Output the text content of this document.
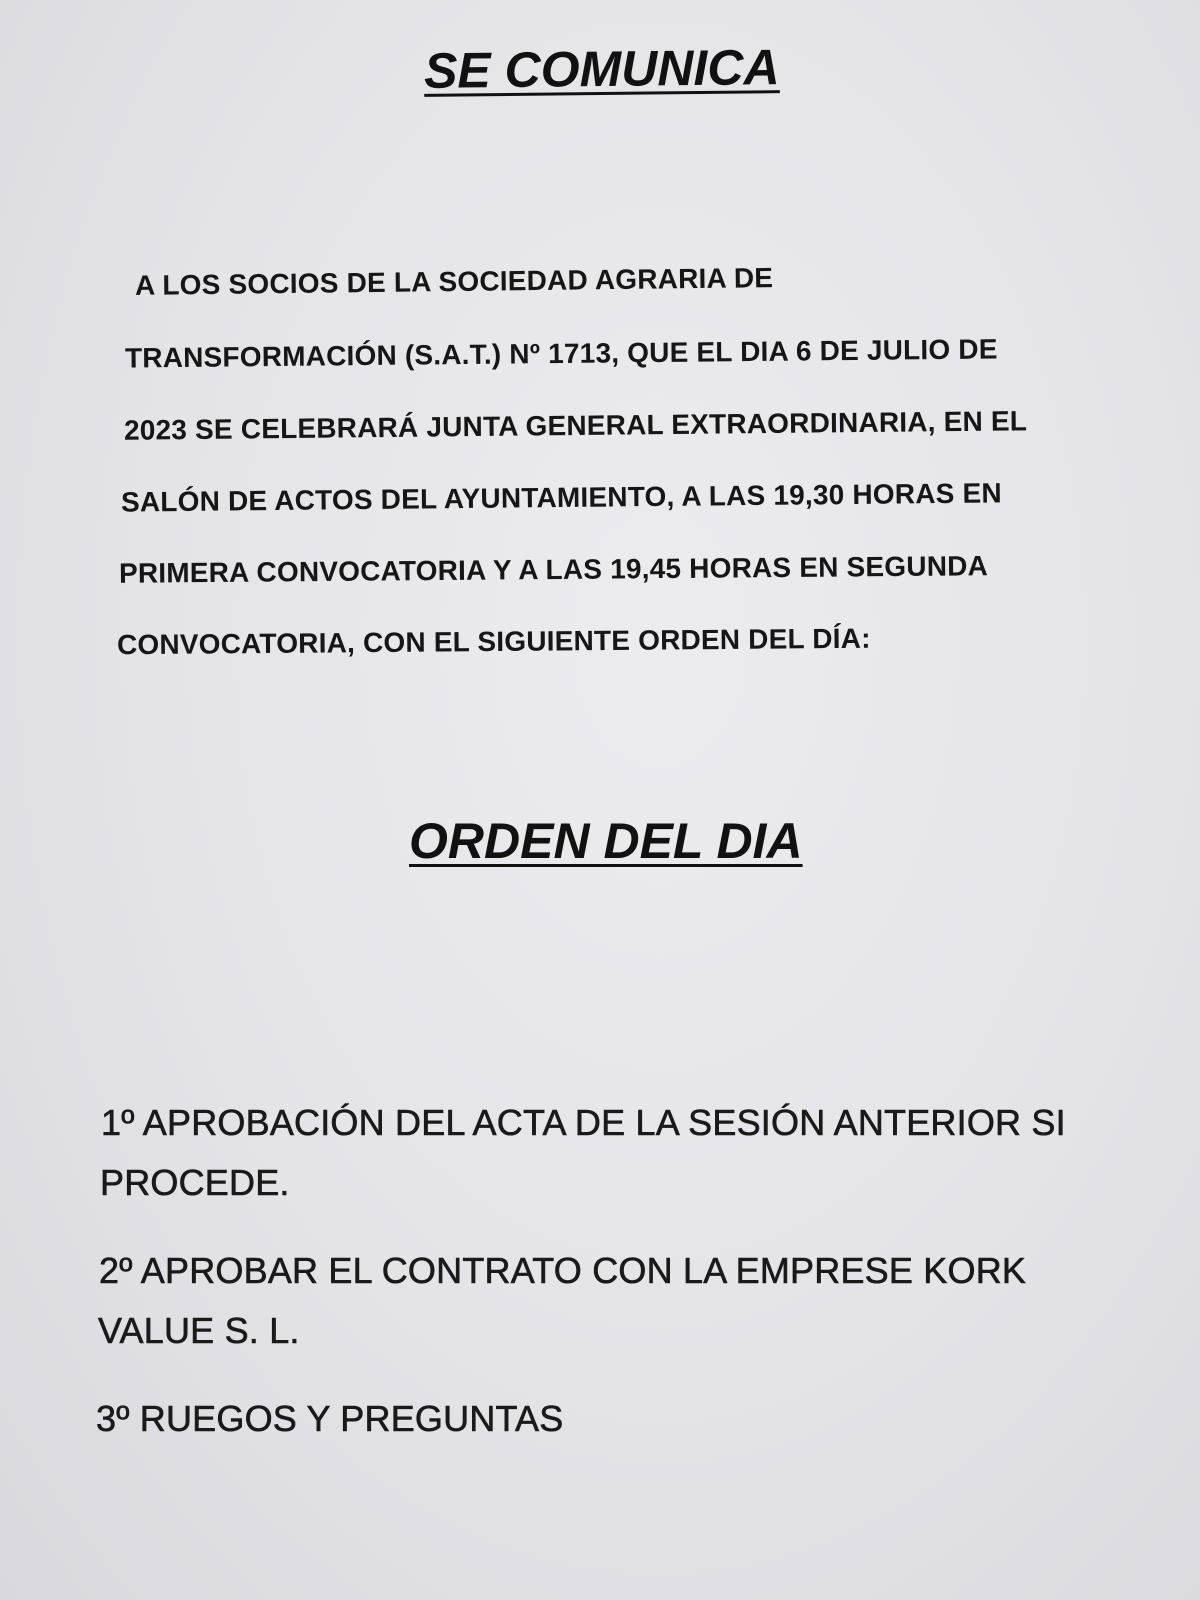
SE COMUNICA

A LOS SOCIOS DE LA SOCIEDAD AGRARIA DE

TRANSFORMACIÓN (S.A.T.) Nº 1713, QUE EL DIA 6 DE JULIO DE

2023 SE CELEBRARÁ JUNTA GENERAL EXTRAORDINARIA, EN EL

SALÓN DE ACTOS DEL AYUNTAMIENTO, A LAS 19,30 HORAS EN

PRIMERA CONVOCATORIA Y A LAS 19,45 HORAS EN SEGUNDA

CONVOCATORIA, CON EL SIGUIENTE ORDEN DEL DÍA:

ORDEN DEL DIA

1º APROBACIÓN DEL ACTA DE LA SESIÓN ANTERIOR SI

PROCEDE.

2º APROBAR EL CONTRATO CON LA EMPRESE KORK

VALUE S. L.

3º RUEGOS Y PREGUNTAS
